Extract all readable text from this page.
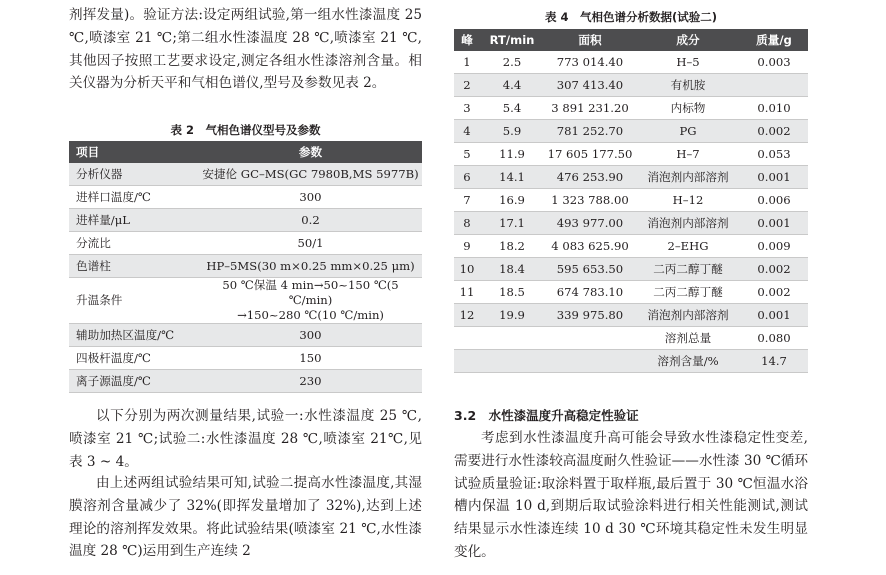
剂挥发量)。验证方法:设定两组试验,第一组水性漆温度 25 ℃,喷漆室 21 ℃;第二组水性漆温度 28 ℃,喷漆室 21 ℃,其他因子按照工艺要求设定,测定各组水性漆溶剂含量。相关仪器为分析天平和气相色谱仪,型号及参数见表 2。

表 2　气相色谱仪型号及参数

项目	参数
分析仪器	安捷伦 GC–MS(GC 7980B,MS 5977B)
进样口温度/℃	300
进样量/μL	0.2
分流比	50/1
色谱柱	HP–5MS(30 m×0.25 mm×0.25 μm)
升温条件	50 ℃保温 4 min→50~150 ℃(5 ℃/min)
→150~280 ℃(10 ℃/min)

辅助加热区温度/℃	300
四极杆温度/℃	150
离子源温度/℃	230

以下分别为两次测量结果,试验一:水性漆温度 25 ℃,喷漆室 21 ℃;试验二:水性漆温度 28 ℃,喷漆室 21℃,见表 3 ~ 4。

由上述两组试验结果可知,试验二提高水性漆温度,其湿膜溶剂含量减少了 32%(即挥发量增加了 32%),达到上述理论的溶剂挥发效果。将此试验结果(喷漆室 21 ℃,水性漆温度 28 ℃)运用到生产连续 2

表 4　气相色谱分析数据(试验二)

峰	RT/min	面积	成分	质量/g
1	2.5	773 014.40	H–5	0.003
2	4.4	307 413.40	有机胺	
3	5.4	3 891 231.20	内标物	0.010
4	5.9	781 252.70	PG	0.002
5	11.9	17 605 177.50	H–7	0.053
6	14.1	476 253.90	消泡剂内部溶剂	0.001
7	16.9	1 323 788.00	H–12	0.006
8	17.1	493 977.00	消泡剂内部溶剂	0.001
9	18.2	4 083 625.90	2–EHG	0.009
10	18.4	595 653.50	二丙二醇丁醚	0.002
11	18.5	674 783.10	二丙二醇丁醚	0.002
12	19.9	339 975.80	消泡剂内部溶剂	0.001
			溶剂总量	0.080
			溶剂含量/%	14.7

3.2　水性漆温度升高稳定性验证

考虑到水性漆温度升高可能会导致水性漆稳定性变差,需要进行水性漆较高温度耐久性验证——水性漆 30 ℃循环试验质量验证:取涂料置于取样瓶,最后置于 30 ℃恒温水浴槽内保温 10 d,到期后取试验涂料进行相关性能测试,测试结果显示水性漆连续 10 d 30 ℃环境其稳定性未发生明显变化。
